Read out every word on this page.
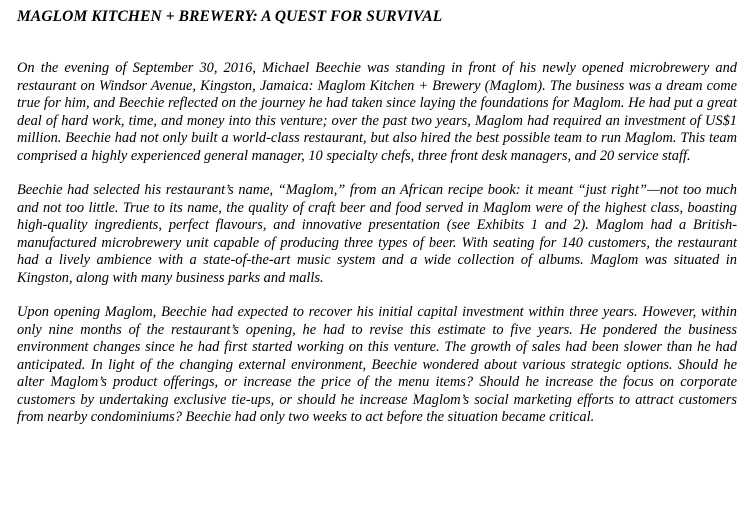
MAGLOM KITCHEN + BREWERY: A QUEST FOR SURVIVAL

On the evening of September 30, 2016, Michael Beechie was standing in front of his newly opened microbrewery and restaurant on Windsor Avenue, Kingston, Jamaica: Maglom Kitchen + Brewery (Maglom). The business was a dream come true for him, and Beechie reflected on the journey he had taken since laying the foundations for Maglom. He had put a great deal of hard work, time, and money into this venture; over the past two years, Maglom had required an investment of US$1 million. Beechie had not only built a world-class restaurant, but also hired the best possible team to run Maglom. This team comprised a highly experienced general manager, 10 specialty chefs, three front desk managers, and 20 service staff.

Beechie had selected his restaurant’s name, “Maglom,” from an African recipe book: it meant “just right”—not too much and not too little. True to its name, the quality of craft beer and food served in Maglom were of the highest class, boasting high-quality ingredients, perfect flavours, and innovative presentation (see Exhibits 1 and 2). Maglom had a British-manufactured microbrewery unit capable of producing three types of beer. With seating for 140 customers, the restaurant had a lively ambience with a state-of-the-art music system and a wide collection of albums. Maglom was situated in Kingston, along with many business parks and malls.

Upon opening Maglom, Beechie had expected to recover his initial capital investment within three years. However, within only nine months of the restaurant’s opening, he had to revise this estimate to five years. He pondered the business environment changes since he had first started working on this venture. The growth of sales had been slower than he had anticipated. In light of the changing external environment, Beechie wondered about various strategic options. Should he alter Maglom’s product offerings, or increase the price of the menu items? Should he increase the focus on corporate customers by undertaking exclusive tie-ups, or should he increase Maglom’s social marketing efforts to attract customers from nearby condominiums? Beechie had only two weeks to act before the situation became critical.
